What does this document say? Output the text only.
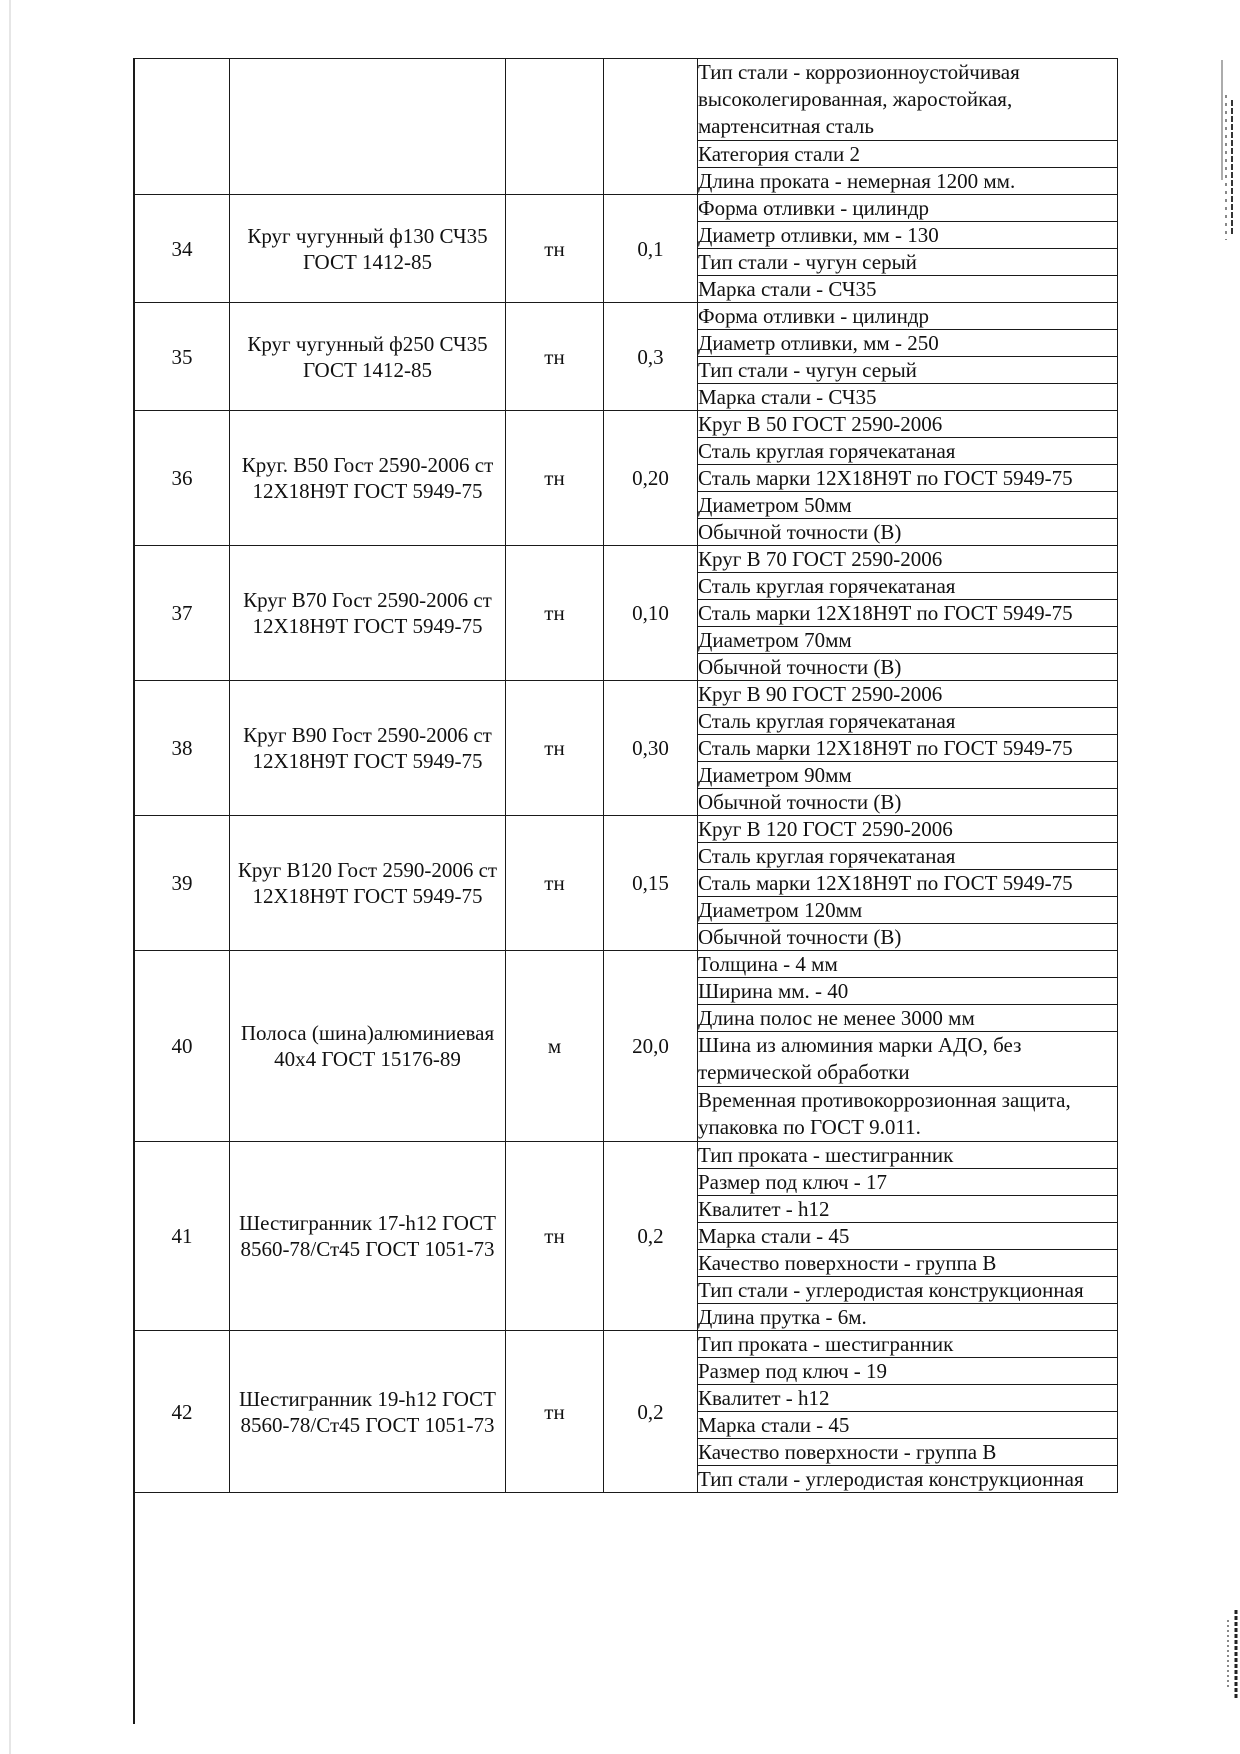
				Тип стали - коррозионноустойчивая высоколегированная, жаростойкая, мартенситная сталь
				Категория стали 2
				Длина проката - немерная 1200 мм.
34	Круг чугунный ф130 СЧ35 ГОСТ 1412-85	тн	0,1	Форма отливки - цилиндр
				Диаметр отливки, мм - 130
				Тип стали - чугун серый
				Марка стали - СЧ35
35	Круг чугунный ф250 СЧ35 ГОСТ 1412-85	тн	0,3	Форма отливки - цилиндр
				Диаметр отливки, мм - 250
				Тип стали - чугун серый
				Марка стали - СЧ35
36	Круг. В50 Гост 2590-2006 ст 12Х18Н9Т ГОСТ 5949-75	тн	0,20	Круг В 50 ГОСТ 2590-2006
				Сталь круглая горячекатаная
				Сталь марки 12Х18Н9Т по ГОСТ 5949-75
				Диаметром 50мм
				Обычной точности (В)
37	Круг В70 Гост 2590-2006 ст 12Х18Н9Т ГОСТ 5949-75	тн	0,10	Круг В 70 ГОСТ 2590-2006
				Сталь круглая горячекатаная
				Сталь марки 12Х18Н9Т по ГОСТ 5949-75
				Диаметром 70мм
				Обычной точности (В)
38	Круг В90 Гост 2590-2006 ст 12Х18Н9Т ГОСТ 5949-75	тн	0,30	Круг В 90 ГОСТ 2590-2006
				Сталь круглая горячекатаная
				Сталь марки 12Х18Н9Т по ГОСТ 5949-75
				Диаметром 90мм
				Обычной точности (В)
39	Круг В120 Гост 2590-2006 ст 12Х18Н9Т ГОСТ 5949-75	тн	0,15	Круг В 120 ГОСТ 2590-2006
				Сталь круглая горячекатаная
				Сталь марки 12Х18Н9Т по ГОСТ 5949-75
				Диаметром 120мм
				Обычной точности (В)
40	Полоса (шина)алюминиевая 40х4 ГОСТ 15176-89	м	20,0	Толщина - 4 мм
				Ширина мм. - 40
				Длина полос не менее 3000 мм
				Шина из алюминия марки АДО, без термической обработки
				Временная противокоррозионная защита, упаковка по ГОСТ 9.011.
41	Шестигранник 17-h12 ГОСТ 8560-78/Ст45 ГОСТ 1051-73	тн	0,2	Тип проката - шестигранник
				Размер под ключ - 17
				Квалитет - h12
				Марка стали - 45
				Качество поверхности - группа В
				Тип стали - углеродистая конструкционная
				Длина прутка - 6м.
42	Шестигранник 19-h12 ГОСТ 8560-78/Ст45 ГОСТ 1051-73	тн	0,2	Тип проката - шестигранник
				Размер под ключ - 19
				Квалитет - h12
				Марка стали - 45
				Качество поверхности - группа В
				Тип стали - углеродистая конструкционная
